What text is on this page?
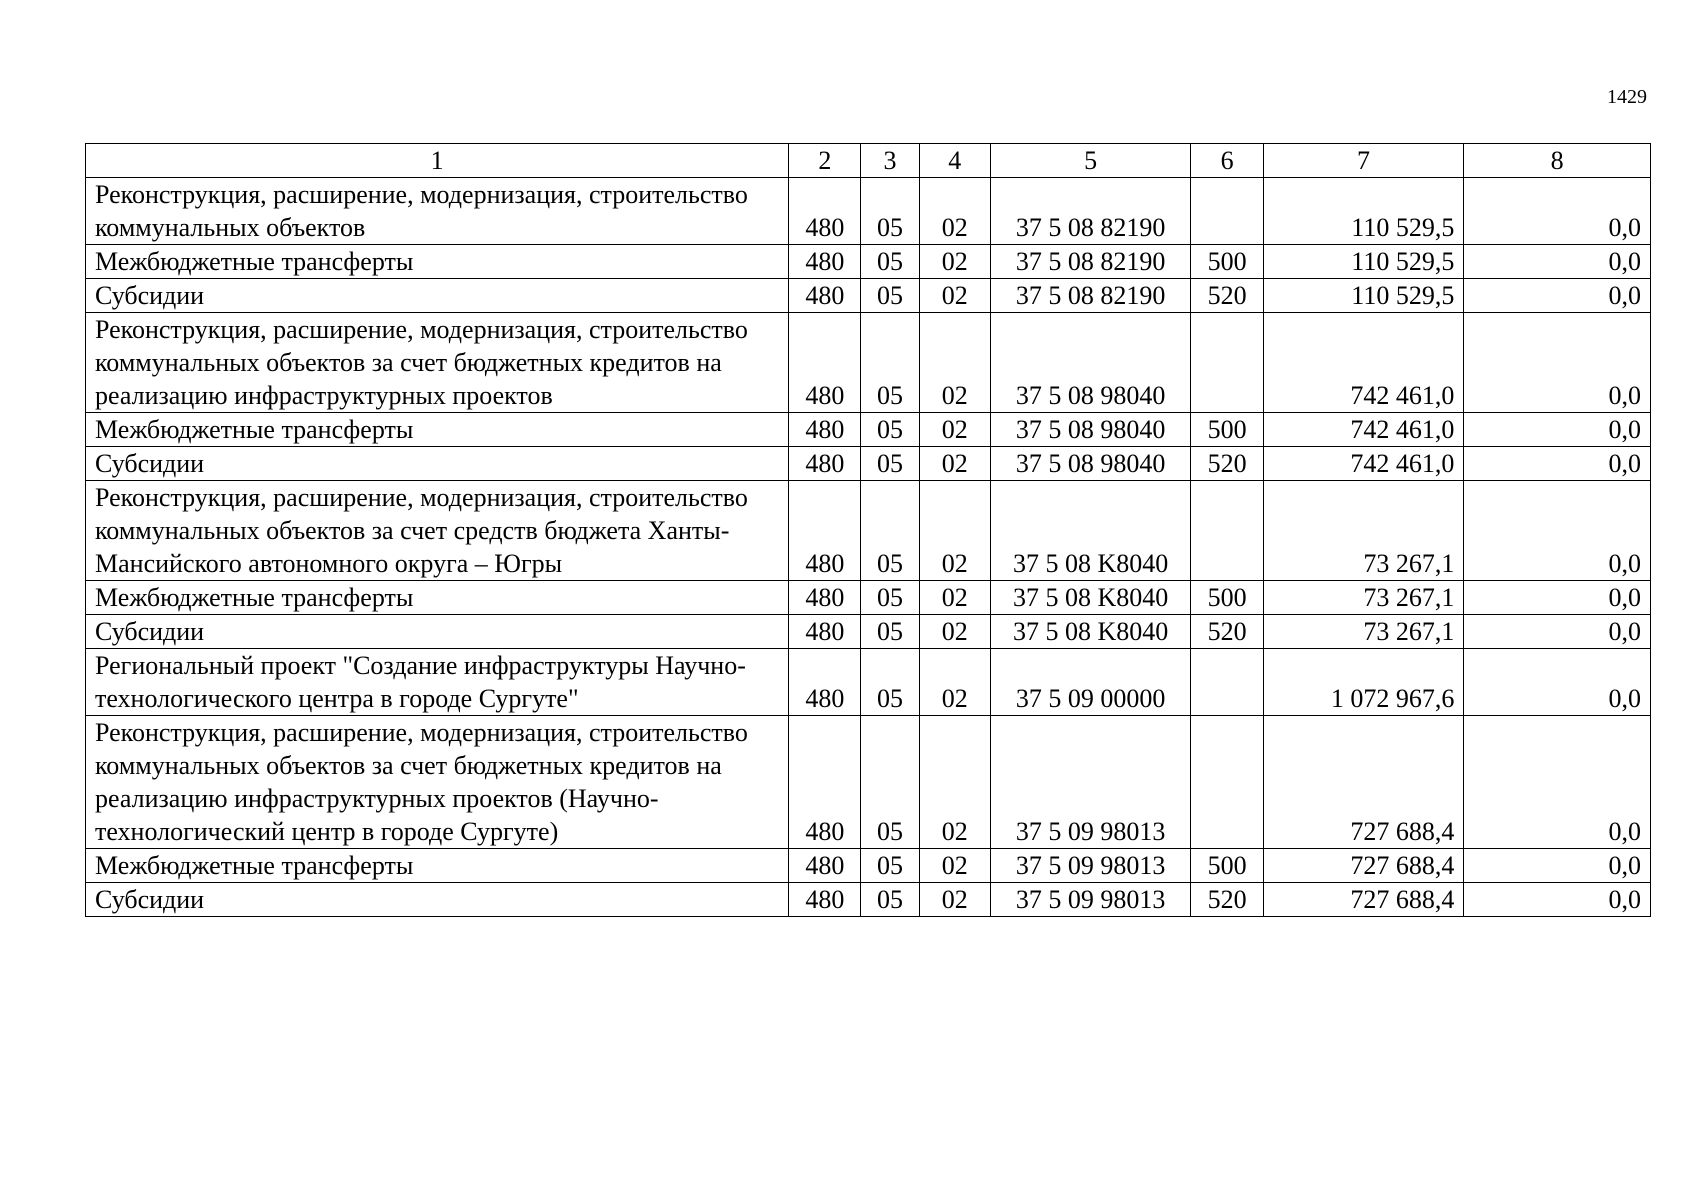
1429
1	2	3	4	5	6	7	8
Реконструкция, расширение, модернизация, строительство коммунальных объектов	480	05	02	37 5 08 82190		110 529,5	0,0
Межбюджетные трансферты	480	05	02	37 5 08 82190	500	110 529,5	0,0
Субсидии	480	05	02	37 5 08 82190	520	110 529,5	0,0
Реконструкция, расширение, модернизация, строительство коммунальных объектов за счет бюджетных кредитов на реализацию инфраструктурных проектов	480	05	02	37 5 08 98040		742 461,0	0,0
Межбюджетные трансферты	480	05	02	37 5 08 98040	500	742 461,0	0,0
Субсидии	480	05	02	37 5 08 98040	520	742 461,0	0,0
Реконструкция, расширение, модернизация, строительство коммунальных объектов за счет средств бюджета Ханты-Мансийского автономного округа – Югры	480	05	02	37 5 08 K8040		73 267,1	0,0
Межбюджетные трансферты	480	05	02	37 5 08 K8040	500	73 267,1	0,0
Субсидии	480	05	02	37 5 08 K8040	520	73 267,1	0,0
Региональный проект "Создание инфраструктуры Научно-технологического центра в городе Сургуте"	480	05	02	37 5 09 00000		1 072 967,6	0,0
Реконструкция, расширение, модернизация, строительство коммунальных объектов за счет бюджетных кредитов на реализацию инфраструктурных проектов (Научно-технологический центр в городе Сургуте)	480	05	02	37 5 09 98013		727 688,4	0,0
Межбюджетные трансферты	480	05	02	37 5 09 98013	500	727 688,4	0,0
Субсидии	480	05	02	37 5 09 98013	520	727 688,4	0,0
